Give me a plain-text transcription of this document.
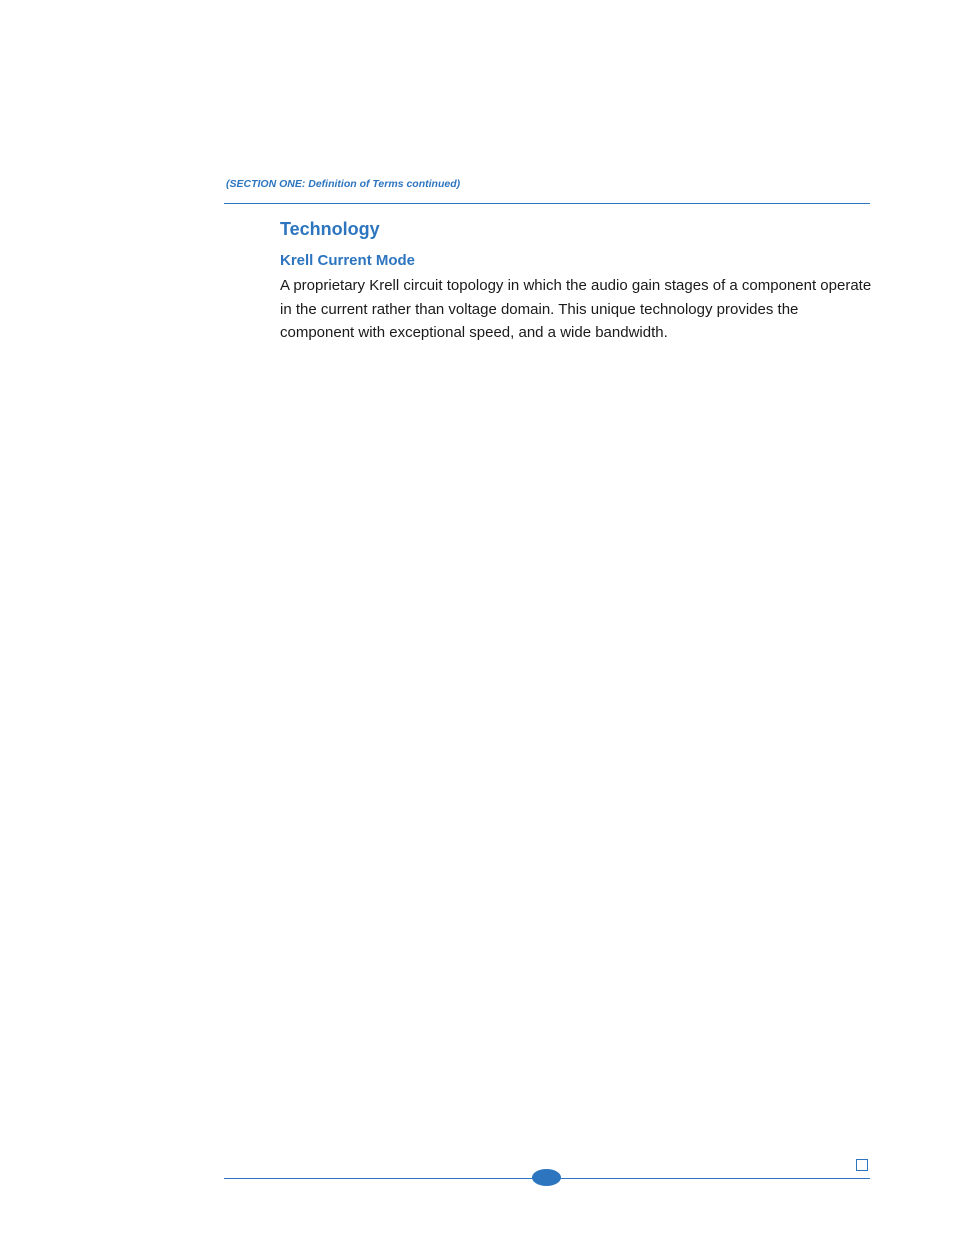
(SECTION ONE: Definition of Terms continued)
Technology
Krell Current Mode

A proprietary Krell circuit topology in which the audio gain stages of a component operate in the current rather than voltage domain. This unique technology provides the component with exceptional speed, and a wide bandwidth.
